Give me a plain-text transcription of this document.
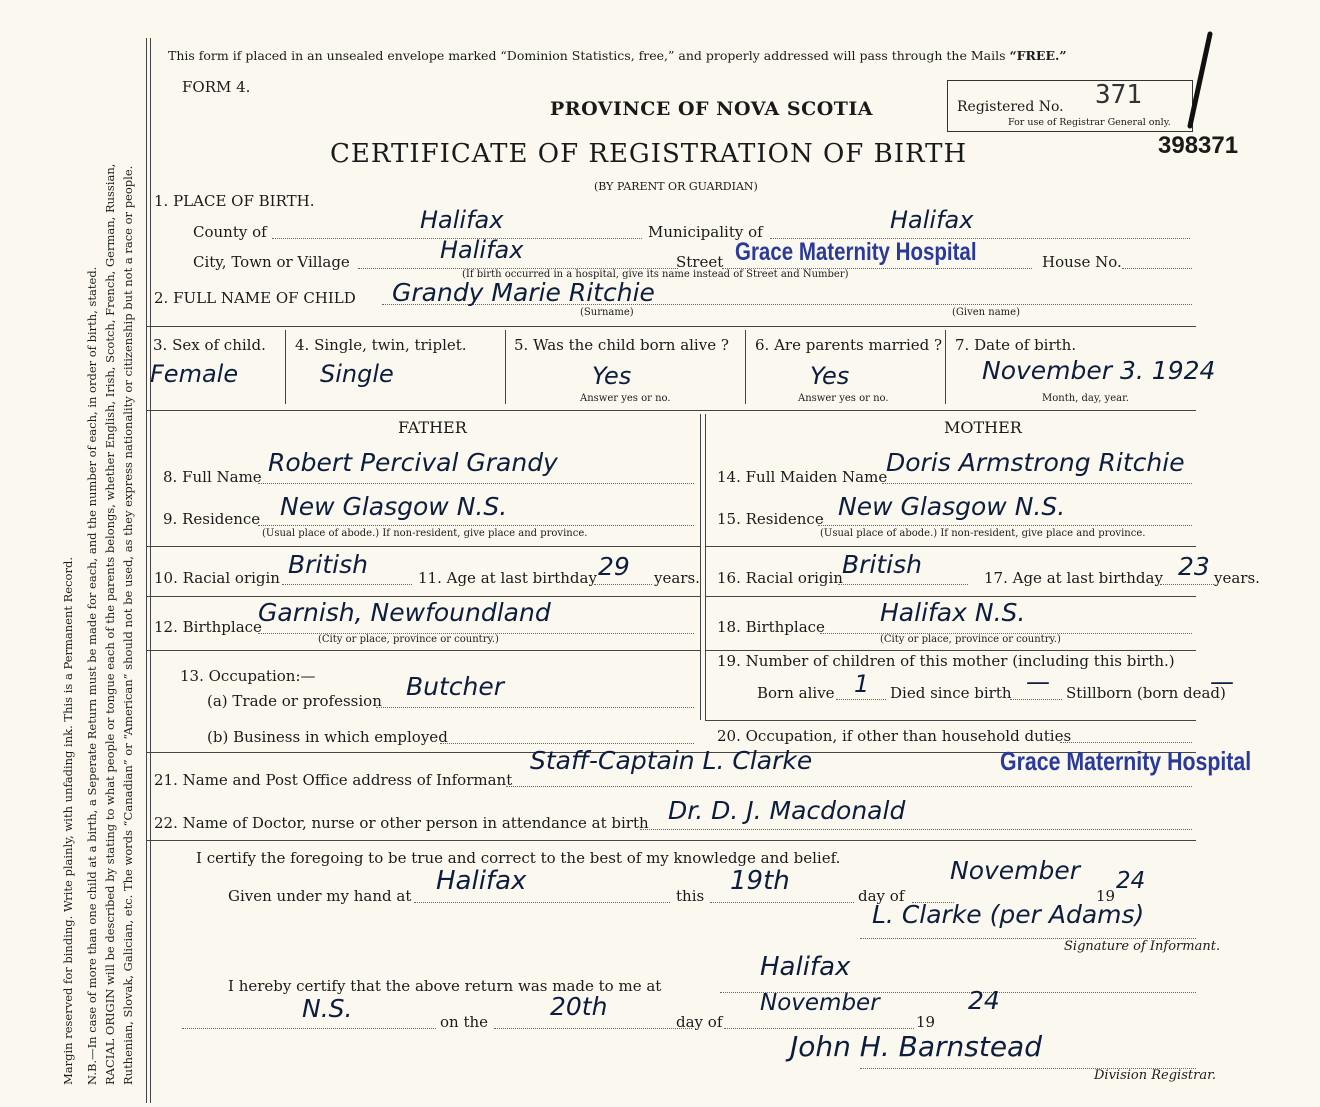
Margin reserved for binding. Write plainly, with unfading ink. This is a Permanent Record. N.B.—In case of more than one child at a birth, a Seperate Return must be made for each, and the number of each, in order of birth, stated. RACIAL ORIGIN will be described by stating to what people or tongue each of the parents belongs, whether English, Irish, Scotch, French, German, Russian, Ruthenian, Slovak, Galician, etc. The words “Canadian” or “American” should not be used, as they express nationality or citizenship but not a race or people.
This form if placed in an unsealed envelope marked “Dominion Statistics, free,” and properly addressed will pass through the Mails “FREE.”
FORM 4.
PROVINCE OF NOVA SCOTIA
CERTIFICATE OF REGISTRATION OF BIRTH
(BY PARENT OR GUARDIAN)
Registered No. 371
For use of Registrar General only.
398371
1. PLACE OF BIRTH.
County of	Halifax	Municipality of	Halifax
City, Town or Village	Halifax	Street Grace Maternity Hospital	House No.
(If birth occurred in a hospital, give its name instead of Street and Number)
2. FULL NAME OF CHILD Grandy Marie Ritchie
(Surname)	(Given name)
3. Sex of child.
Female
4. Single, twin, triplet.
Single
5. Was the child born alive ?
Yes
Answer yes or no.
6. Are parents married ?
Yes
Answer yes or no.
7. Date of birth.
November 3. 1924
Month, day, year.
FATHER	MOTHER
8. Full Name Robert Percival Grandy
9. Residence New Glasgow N.S.
(Usual place of abode.) If non-resident, give place and province.
10. Racial origin British	11. Age at last birthday 29 years.
12. Birthplace
Garnish, Newfoundland
(City or place, province or country.)
13. Occupation:—
(a) Trade or profession Butcher
(b) Business in which employed
14. Full Maiden Name
Doris Armstrong Ritchie
15. Residence New Glasgow N.S.
(Usual place of abode.) If non-resident, give place and province.
16. Racial origin British	17. Age at last birthday 23 years.
18. Birthplace Halifax N.S.
(City or place, province or country.)
19. Number of children of this mother (including this birth.)
Born alive 1 Died since birth — Stillborn (born dead)
—
20. Occupation, if other than household duties
21. Name and Post Office address of Informant
Staff-Captain L. Clarke	Grace Maternity Hospital
22. Name of Doctor, nurse or other person in attendance at birth Dr. D. J. Macdonald
I certify the foregoing to be true and correct to the best of my knowledge and belief.
Given under my hand at Halifax	this 19th	day of
November
19
24
L. Clarke (per Adams)
Signature of Informant.
I hereby certify that the above return was made to me at
Halifax
N.S.	on the
20th
day of
November
19
24
John H. Barnstead
Division Registrar.
